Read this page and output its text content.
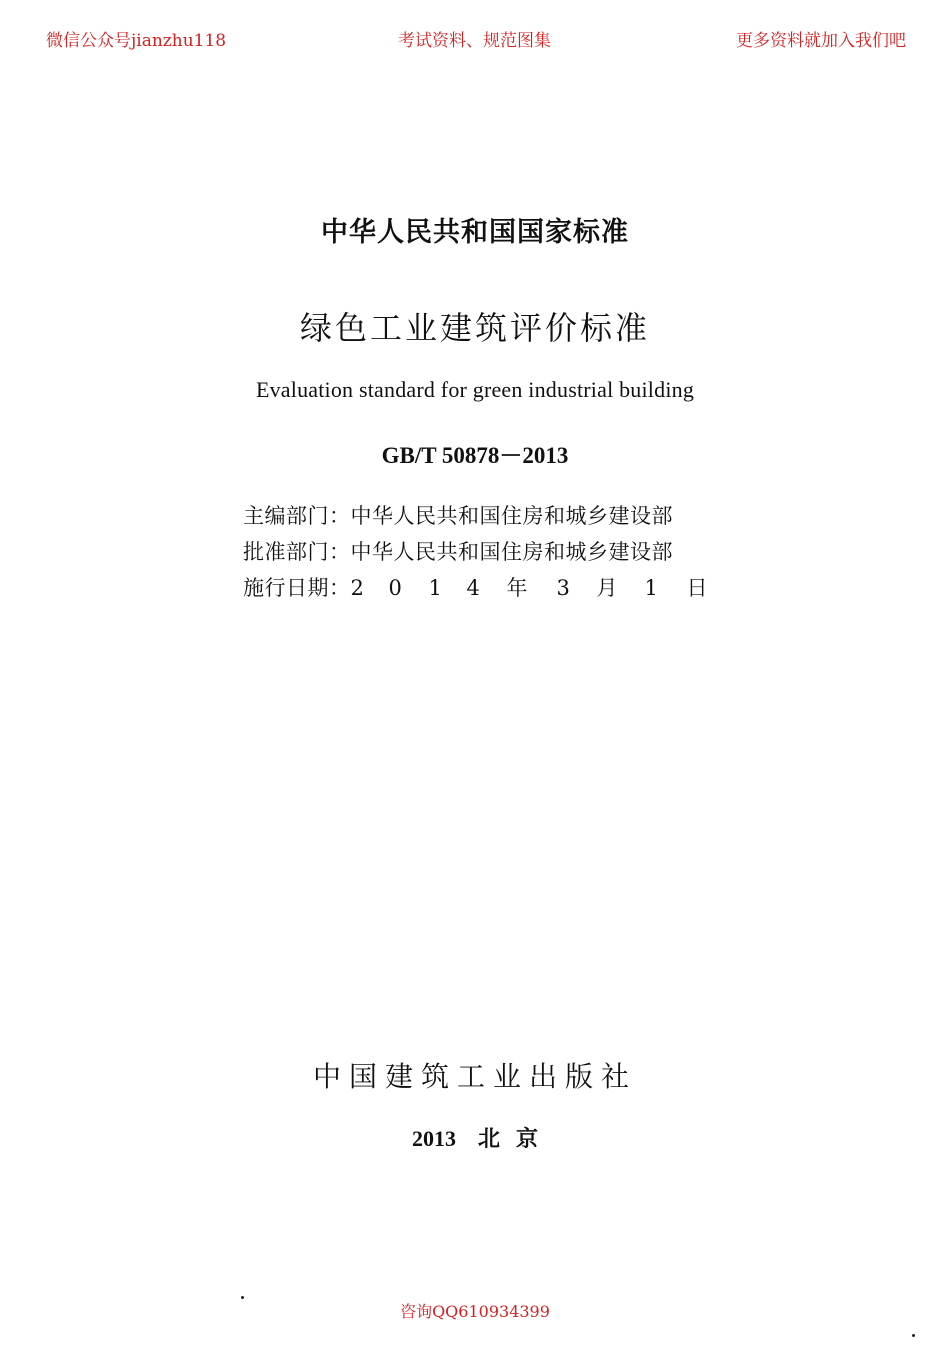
微信公众号jianzhu118	考试资料、规范图集	更多资料就加入我们吧
中华人民共和国国家标准
绿色工业建筑评价标准
Evaluation standard for green industrial building
GB/T 50878－2013
主编部门： 中华人民共和国住房和城乡建设部
批准部门： 中华人民共和国住房和城乡建设部
施行日期： 2 0 1 4 年 3 月 1 日
中国建筑工业出版社
2013 北 京
咨询QQ610934399
